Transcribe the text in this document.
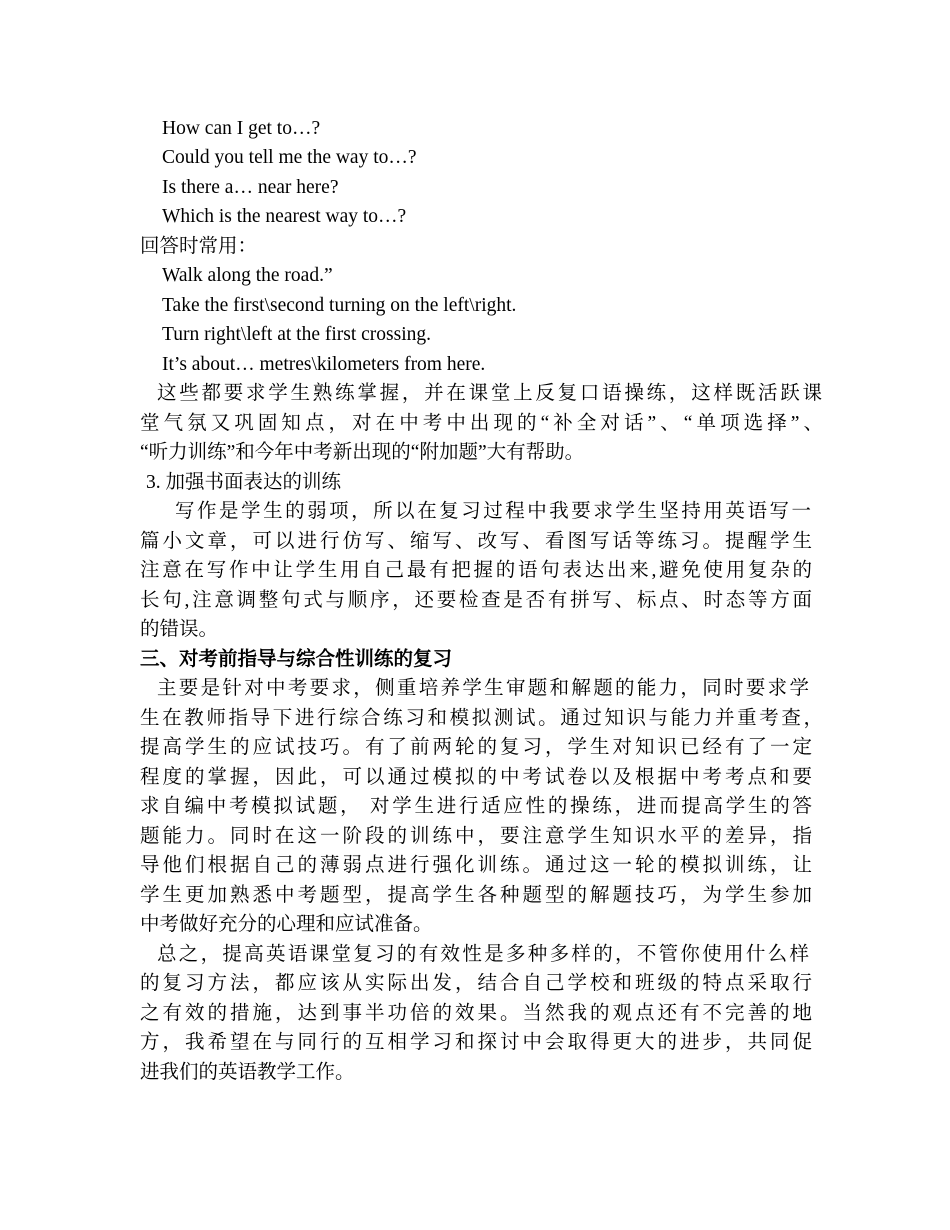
How can I get to…?
Could you tell me the way to…?
Is there a… near here?
Which is the nearest way to…?
回答时常用：
Walk along the road.”
Take the first\second turning on the left\right.
Turn right\left at the first crossing.
It’s about… metres\kilometers from here.
这些都要求学生熟练掌握，并在课堂上反复口语操练，这样既活跃课
堂气氛又巩固知点，对在中考中出现的“补全对话”、“单项选择”、
“听力训练”和今年中考新出现的“附加题”大有帮助。
3. 加强书面表达的训练
写作是学生的弱项，所以在复习过程中我要求学生坚持用英语写一
篇小文章，可以进行仿写、缩写、改写、看图写话等练习。提醒学生
注意在写作中让学生用自己最有把握的语句表达出来,避免使用复杂的
长句,注意调整句式与顺序，还要检查是否有拼写、标点、时态等方面
的错误。
三、对考前指导与综合性训练的复习
主要是针对中考要求，侧重培养学生审题和解题的能力，同时要求学
生在教师指导下进行综合练习和模拟测试。通过知识与能力并重考查，
提高学生的应试技巧。有了前两轮的复习，学生对知识已经有了一定
程度的掌握，因此，可以通过模拟的中考试卷以及根据中考考点和要
求自编中考模拟试题， 对学生进行适应性的操练，进而提高学生的答
题能力。同时在这一阶段的训练中，要注意学生知识水平的差异，指
导他们根据自己的薄弱点进行强化训练。通过这一轮的模拟训练，让
学生更加熟悉中考题型，提高学生各种题型的解题技巧，为学生参加
中考做好充分的心理和应试准备。
总之，提高英语课堂复习的有效性是多种多样的，不管你使用什么样
的复习方法，都应该从实际出发，结合自己学校和班级的特点采取行
之有效的措施，达到事半功倍的效果。当然我的观点还有不完善的地
方，我希望在与同行的互相学习和探讨中会取得更大的进步，共同促
进我们的英语教学工作。
